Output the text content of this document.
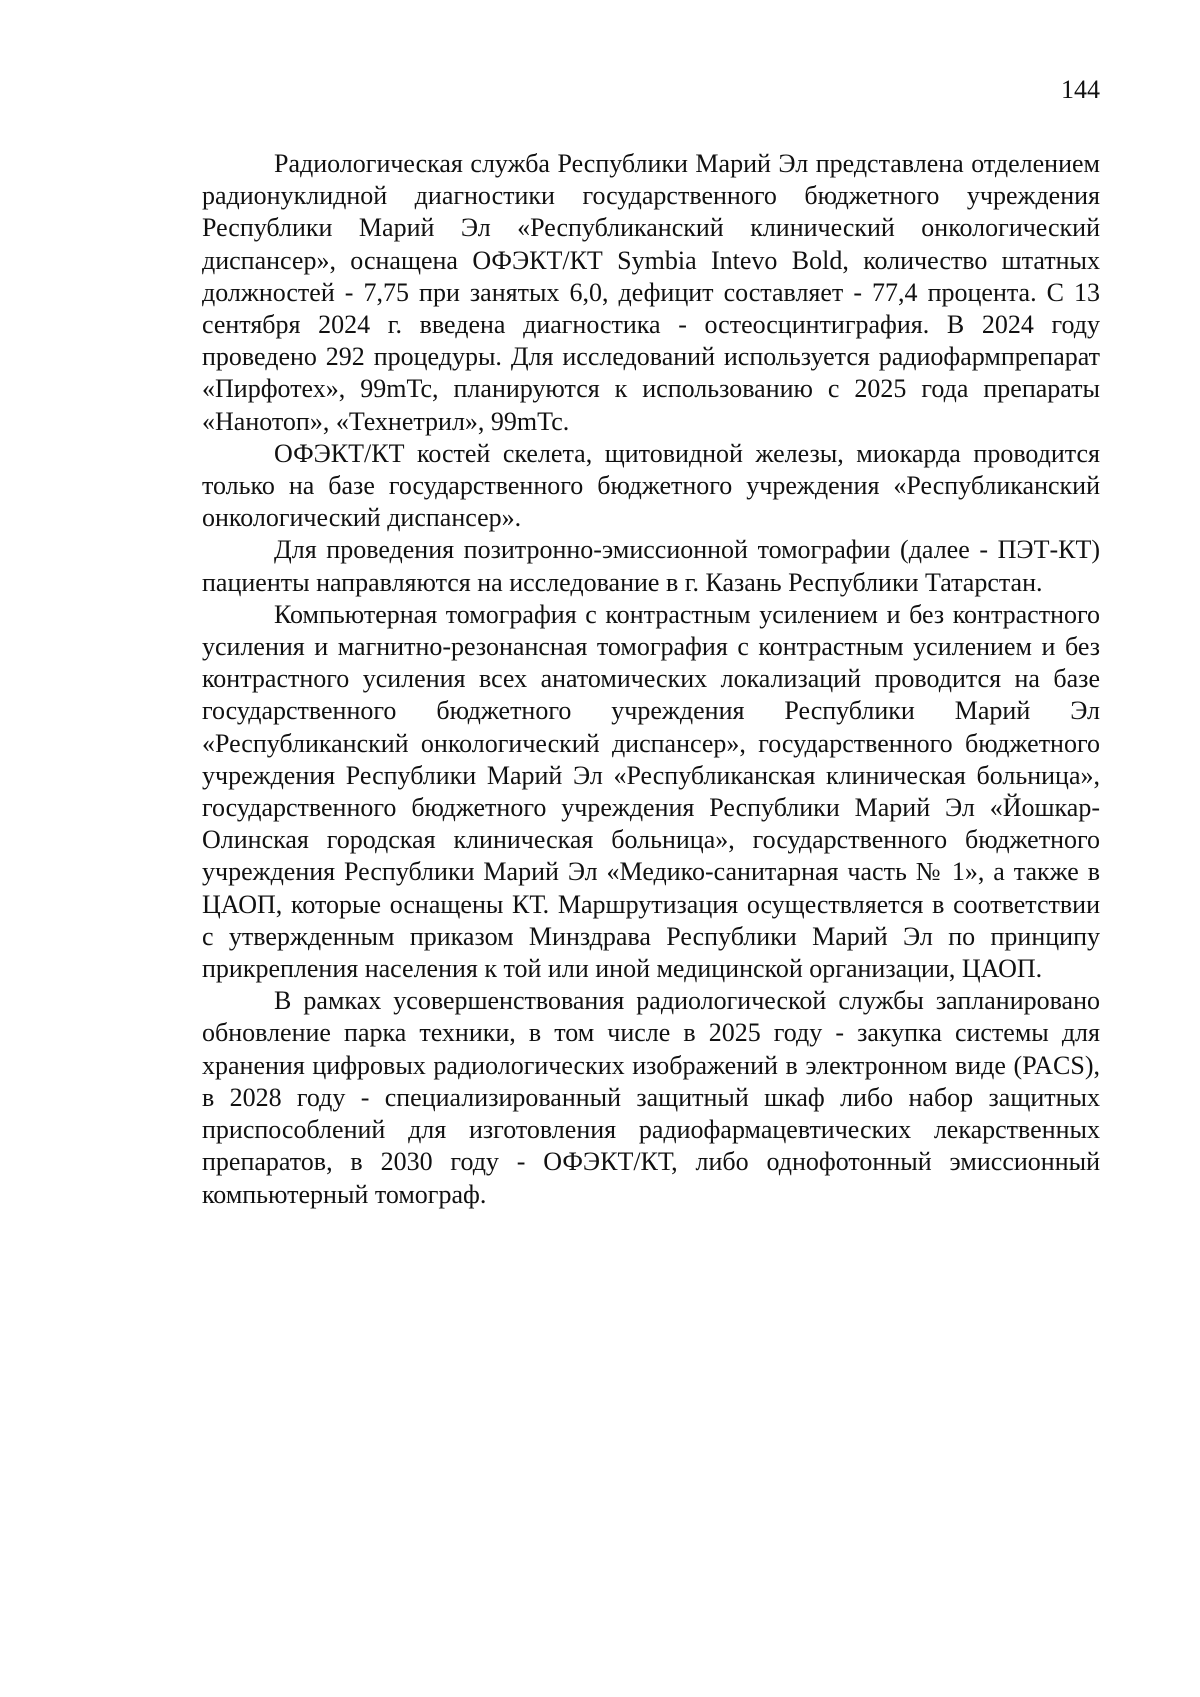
144

Радиологическая служба Республики Марий Эл представлена отделением радионуклидной диагностики государственного бюджетного учреждения Республики Марий Эл «Республиканский клинический онкологический диспансер», оснащена ОФЭКТ/КТ Symbia Intevo Bold, количество штатных должностей - 7,75 при занятых 6,0, дефицит составляет - 77,4 процента. С 13 сентября 2024 г. введена диагностика - остеосцинтиграфия. В 2024 году проведено 292 процедуры. Для исследований используется радиофармпрепарат «Пирфотех», 99mTc, планируются к использованию с 2025 года препараты «Нанотоп», «Технетрил», 99mTc.

ОФЭКТ/КТ костей скелета, щитовидной железы, миокарда проводится только на базе государственного бюджетного учреждения «Республиканский онкологический диспансер».

Для проведения позитронно-эмиссионной томографии (далее - ПЭТ-КТ) пациенты направляются на исследование в г. Казань Республики Татарстан.

Компьютерная томография с контрастным усилением и без контрастного усиления и магнитно-резонансная томография с контрастным усилением и без контрастного усиления всех анатомических локализаций проводится на базе государственного бюджетного учреждения Республики Марий Эл «Республиканский онкологический диспансер», государственного бюджетного учреждения Республики Марий Эл «Республиканская клиническая больница», государственного бюджетного учреждения Республики Марий Эл «Йошкар-Олинская городская клиническая больница», государственного бюджетного учреждения Республики Марий Эл «Медико-санитарная часть № 1», а также в ЦАОП, которые оснащены КТ. Маршрутизация осуществляется в соответствии с утвержденным приказом Минздрава Республики Марий Эл по принципу прикрепления населения к той или иной медицинской организации, ЦАОП.

В рамках усовершенствования радиологической службы запланировано обновление парка техники, в том числе в 2025 году - закупка системы для хранения цифровых радиологических изображений в электронном виде (PACS), в 2028 году - специализированный защитный шкаф либо набор защитных приспособлений для изготовления радиофармацевтических лекарственных препаратов, в 2030 году - ОФЭКТ/КТ, либо однофотонный эмиссионный компьютерный томограф.
